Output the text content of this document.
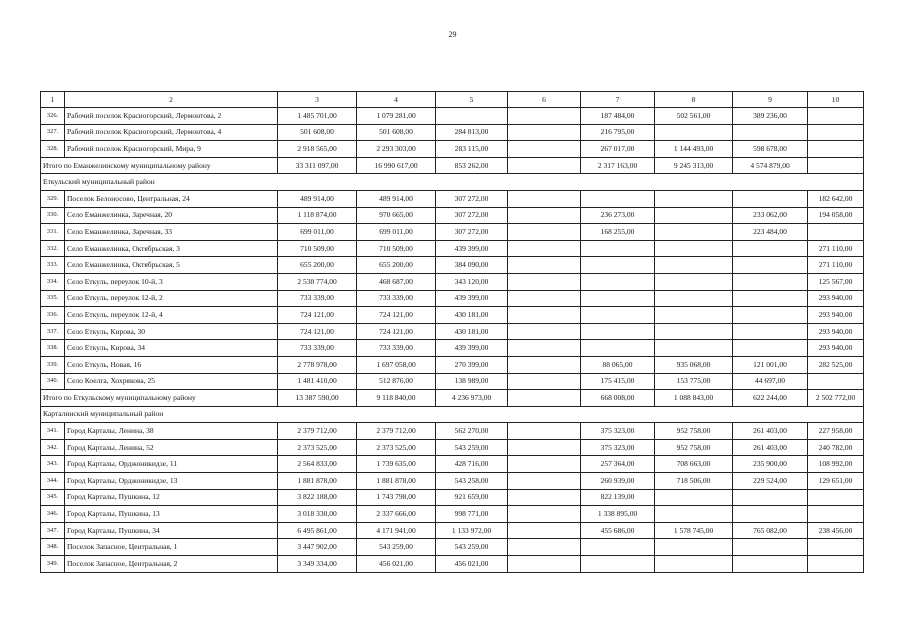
29
1	2	3	4	5	6	7	8	9	10
326.	Рабочий поселок Красногорский, Лермонтова, 2	1 485 701,00	1 079 281,00			187 484,00	502 561,00	389 236,00	
327.	Рабочий поселок Красногорский, Лермонтова, 4	501 608,00	501 608,00	284 813,00		216 795,00			
328.	Рабочий поселок Красногорский, Мира, 9	2 918 565,00	2 293 303,00	283 115,00		267 017,00	1 144 493,00	598 678,00	
Итого по Еманжелинскому муниципальному району		33 311 097,00	16 990 617,00	853 262,00		2 317 163,00	9 245 313,00	4 574 879,00	
Еткульский муниципальный район									
329.	Поселок Белоносово, Центральная, 24	489 914,00	489 914,00	307 272,00					182 642,00
330.	Село Еманжелинка, Заречная, 20	1 118 874,00	970 665,00	307 272,00		236 273,00		233 062,00	194 058,00
331.	Село Еманжелинка, Заречная, 33	699 011,00	699 011,00	307 272,00		168 255,00		223 484,00	
332.	Село Еманжелинка, Октябрьская, 3	710 509,00	710 509,00	439 399,00					271 110,00
333.	Село Еманжелинка, Октябрьская, 5	655 200,00	655 200,00	384 090,00					271 110,00
334.	Село Еткуль, переулок 10-й, 3	2 538 774,00	468 687,00	343 120,00					125 567,00
335.	Село Еткуль, переулок 12-й, 2	733 339,00	733 339,00	439 399,00					293 940,00
336.	Село Еткуль, переулок 12-й, 4	724 121,00	724 121,00	430 181,00					293 940,00
337.	Село Еткуль, Кирова, 30	724 121,00	724 121,00	430 181,00					293 940,00
338.	Село Еткуль, Кирова, 34	733 339,00	733 339,00	439 399,00					293 940,00
339.	Село Еткуль, Новая, 16	2 778 978,00	1 697 058,00	270 399,00		88 065,00	935 068,00	121 001,00	282 525,00
340.	Село Коелга, Хохрякова, 25	1 481 410,00	512 876,00	138 989,00		175 415,00	153 775,00	44 697,00	
Итого по Еткульскому муниципальному району		13 387 590,00	9 118 840,00	4 236 973,00		668 008,00	1 088 843,00	622 244,00	2 502 772,00
Карталинский муниципальный район									
341.	Город Карталы, Ленина, 38	2 379 712,00	2 379 712,00	562 270,00		375 323,00	952 758,00	261 403,00	227 958,00
342.	Город Карталы, Ленина, 52	2 373 525,00	2 373 525,00	543 259,00		375 323,00	952 758,00	261 403,00	240 782,00
343.	Город Карталы, Орджоникидзе, 11	2 564 833,00	1 739 635,00	428 716,00		257 364,00	708 663,00	235 900,00	108 992,00
344.	Город Карталы, Орджоникидзе, 13	1 881 878,00	1 881 878,00	543 258,00		260 939,00	718 506,00	229 524,00	129 651,00
345.	Город Карталы, Пушкина, 12	3 822 188,00	1 743 798,00	921 659,00		822 139,00			
346.	Город Карталы, Пушкина, 13	3 018 330,00	2 337 666,00	998 771,00		1 338 895,00			
347.	Город Карталы, Пушкина, 34	6 495 861,00	4 171 941,00	1 133 972,00		455 686,00	1 578 745,00	765 082,00	238 456,00
348.	Поселок Запасное, Центральная, 1	3 447 902,00	543 259,00	543 259,00					
349.	Поселок Запасное, Центральная, 2	3 349 334,00	456 021,00	456 021,00					
